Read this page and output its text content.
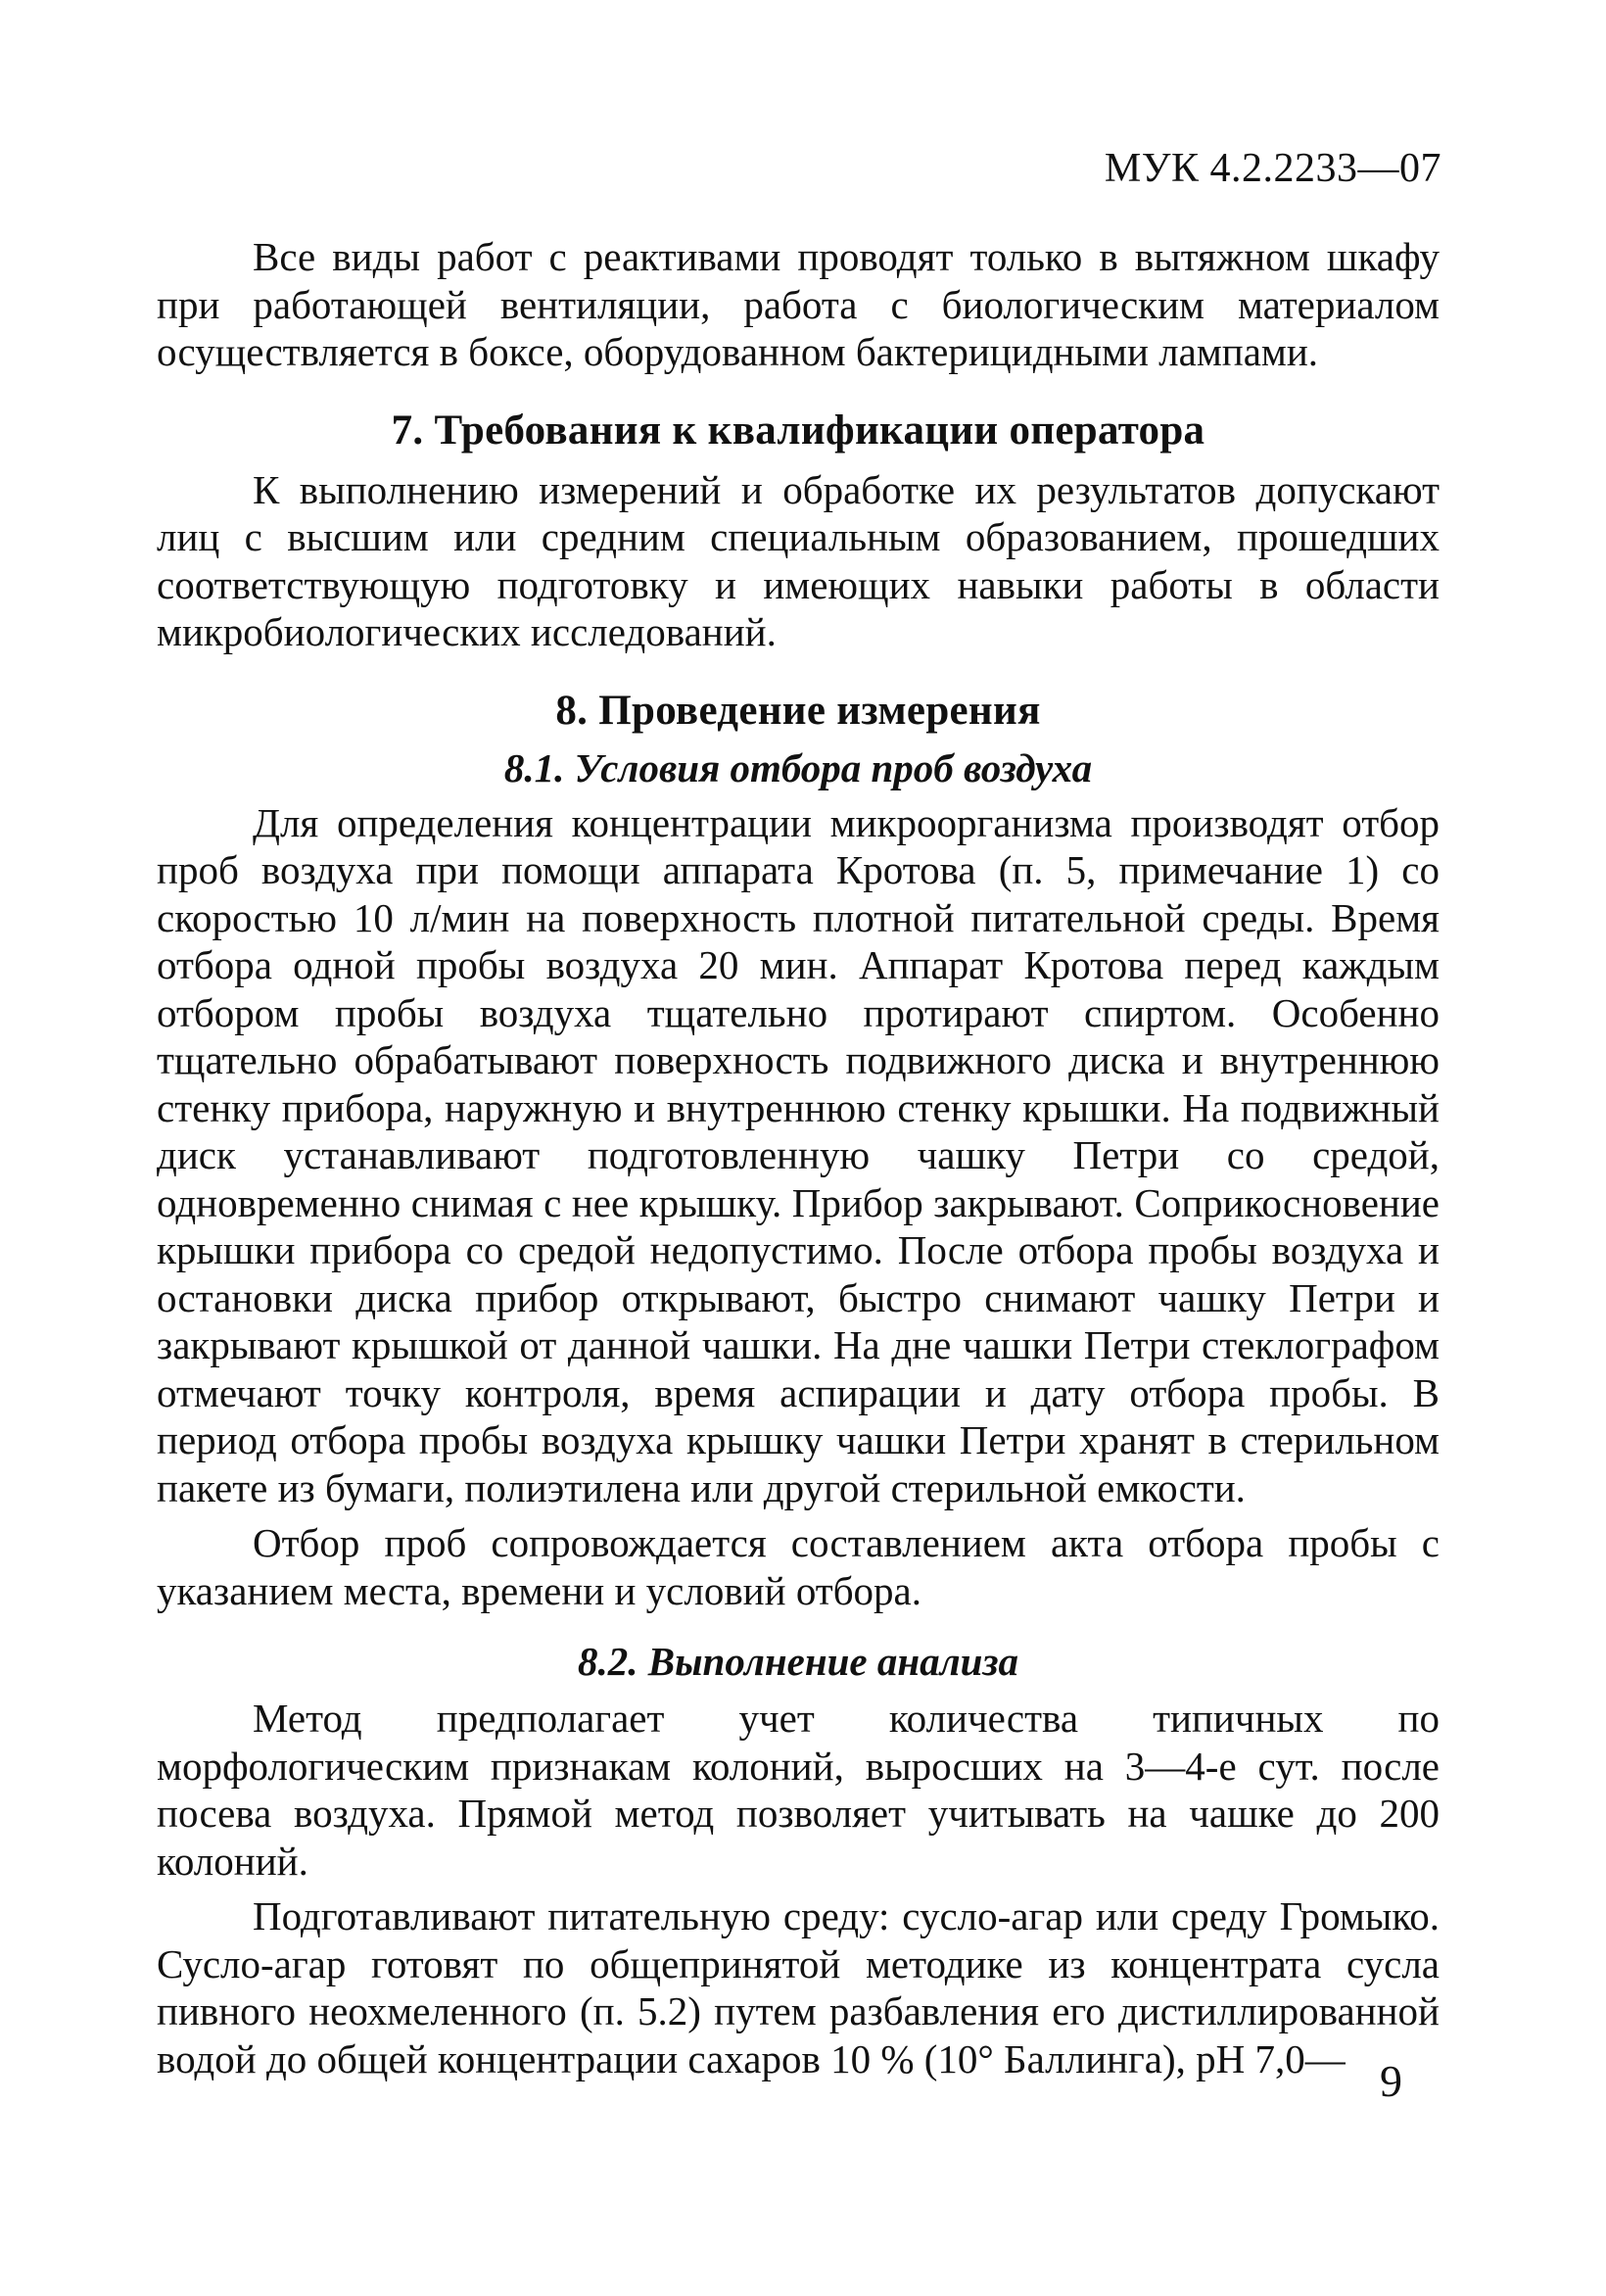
МУК 4.2.2233—07

Все виды работ с реактивами проводят только в вытяжном шкафу при работающей вентиляции, работа с биологическим материалом осуществляется в боксе, оборудованном бактерицидными лампами.

7. Требования к квалификации оператора

К выполнению измерений и обработке их результатов допускают лиц с высшим или средним специальным образованием, прошедших соответствующую подготовку и имеющих навыки работы в области микробиологических исследований.

8. Проведение измерения
8.1. Условия отбора проб воздуха

Для определения концентрации микроорганизма производят отбор проб воздуха при помощи аппарата Кротова (п. 5, примечание 1) со скоростью 10 л/мин на поверхность плотной питательной среды. Время отбора одной пробы воздуха 20 мин. Аппарат Кротова перед каждым отбором пробы воздуха тщательно протирают спиртом. Особенно тщательно обрабатывают поверхность подвижного диска и внутреннюю стенку прибора, наружную и внутреннюю стенку крышки. На подвижный диск устанавливают подготовленную чашку Петри со средой, одновременно снимая с нее крышку. Прибор закрывают. Соприкосновение крышки прибора со средой недопустимо. После отбора пробы воздуха и остановки диска прибор открывают, быстро снимают чашку Петри и закрывают крышкой от данной чашки. На дне чашки Петри стеклографом отмечают точку контроля, время аспирации и дату отбора пробы. В период отбора пробы воздуха крышку чашки Петри хранят в стерильном пакете из бумаги, полиэтилена или другой стерильной емкости.

Отбор проб сопровождается составлением акта отбора пробы с указанием места, времени и условий отбора.

8.2. Выполнение анализа

Метод предполагает учет количества типичных по морфологическим признакам колоний, выросших на 3—4-е сут. после посева воздуха. Прямой метод позволяет учитывать на чашке до 200 колоний.

Подготавливают питательную среду: сусло-агар или среду Громыко. Сусло-агар готовят по общепринятой методике из концентрата сусла пивного неохмеленного (п. 5.2) путем разбавления его дистиллированной водой до общей концентрации сахаров 10 % (10° Баллинга), рН 7,0— 9
